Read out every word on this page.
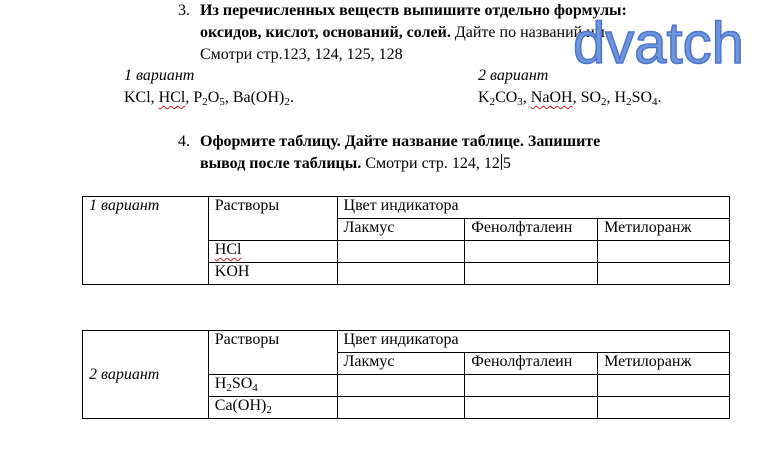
3. Из перечисленных веществ выпишите отдельно формулы:
оксидов, кислот, оснований, солей. Дайте по названий им.
Смотри стр.123, 124, 125, 128
1 вариант
KCl, HCl, $P_2O_5$, $Ba(OH)_2$.
2 вариант
$K_2CO_3$, NaOH, $SO_2$, $H_2SO_4$.
4. Оформите таблицу. Дайте название таблице. Запишите
вывод после таблицы. Смотри стр. 124, 12 5
1 вариант	Растворы	Цвет индикатора		
		Лакмус	Фенолфталеин	Метилоранж
	HCl			
	KOH			
2 вариант	Растворы	Цвет индикатора		
		Лакмус	Фенолфталеин	Метилоранж
	$H_2SO_4$			
	$Ca(OH)_2$			
dvatch
